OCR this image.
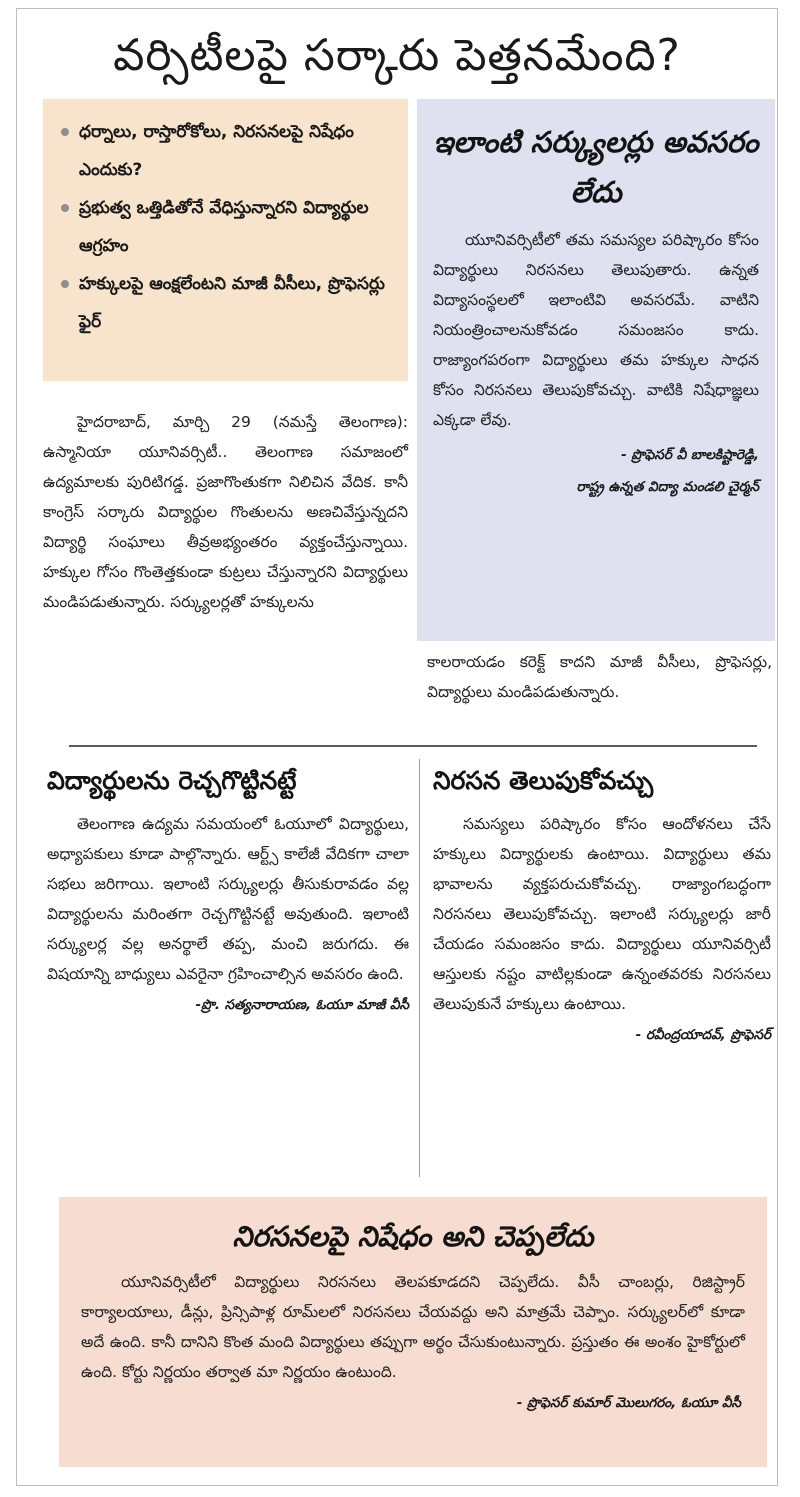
వర్సిటీలపై సర్కారు పెత్తనమేంది?
ధర్నాలు, రాస్తారోకోలు, నిరసనలపై నిషేధం ఎందుకు?
ప్రభుత్వ ఒత్తిడితోనే వేధిస్తున్నారని విద్యార్థుల ఆగ్రహం
హక్కులపై ఆంక్షలేంటని మాజీ వీసీలు, ప్రొఫెసర్లు ఫైర్

హైదరాబాద్, మార్చి 29 (నమస్తే తెలంగాణ): ఉస్మానియా యూనివర్సిటీ.. తెలంగాణ సమాజంలో ఉద్యమాలకు పురిటిగడ్డ. ప్రజాగొంతుకగా నిలిచిన వేదిక. కానీ కాంగ్రెస్ సర్కారు విద్యార్థుల గొంతులను అణచివేస్తున్నదని విద్యార్థి సంఘాలు తీవ్రఅభ్యంతరం వ్యక్తంచేస్తున్నాయి. హక్కుల గోసం గొంతెత్తకుండా కుట్రలు చేస్తున్నారని విద్యార్థులు మండిపడుతున్నారు. సర్క్యులర్లతో హక్కులను

ఇలాంటి సర్క్యులర్లు అవసరం లేదు

యూనివర్సిటీలో తమ సమస్యల పరిష్కారం కోసం విద్యార్థులు నిరసనలు తెలుపుతారు. ఉన్నత విద్యాసంస్థలలో ఇలాంటివి అవసరమే. వాటిని నియంత్రించాలనుకోవడం సమంజసం కాదు. రాజ్యాంగపరంగా విద్యార్థులు తమ హక్కుల సాధన కోసం నిరసనలు తెలుపుకోవచ్చు. వాటికి నిషేధాజ్ఞలు ఎక్కడా లేవు.

- ప్రొఫెసర్ వీ బాలకిష్టారెడ్డి,
రాష్ట్ర ఉన్నత విద్యా మండలి చైర్మన్

కాలరాయడం కరెక్ట్ కాదని మాజీ వీసీలు, ప్రొఫెసర్లు, విద్యార్థులు మండిపడుతున్నారు.

విద్యార్థులను రెచ్చగొట్టినట్టే

తెలంగాణ ఉద్యమ సమయంలో ఓయూలో విద్యార్థులు, అధ్యాపకులు కూడా పాల్గొన్నారు. ఆర్ట్స్ కాలేజీ వేదికగా చాలా సభలు జరిగాయి. ఇలాంటి సర్క్యులర్లు తీసుకురావడం వల్ల విద్యార్థులను మరింతగా రెచ్చగొట్టినట్టే అవుతుంది. ఇలాంటి సర్క్యులర్ల వల్ల అనర్థాలే తప్ప, మంచి జరుగదు. ఈ విషయాన్ని బాధ్యులు ఎవరైనా గ్రహించాల్సిన అవసరం ఉంది.

-ప్రొ. సత్యనారాయణ, ఓయూ మాజీ వీసీ
నిరసన తెలుపుకోవచ్చు

సమస్యలు పరిష్కారం కోసం ఆందోళనలు చేసే హక్కులు విద్యార్థులకు ఉంటాయి. విద్యార్థులు తమ భావాలను వ్యక్తపరుచుకోవచ్చు. రాజ్యాంగబద్ధంగా నిరసనలు తెలుపుకోవచ్చు. ఇలాంటి సర్క్యులర్లు జారీ చేయడం సమంజసం కాదు. విద్యార్థులు యూనివర్సిటీ ఆస్తులకు నష్టం వాటిల్లకుండా ఉన్నంతవరకు నిరసనలు తెలుపుకునే హక్కులు ఉంటాయి.

- రవీంద్రయాదవ్, ప్రొఫెసర్
నిరసనలపై నిషేధం అని చెప్పలేదు

యూనివర్సిటీలో విద్యార్థులు నిరసనలు తెలపకూడదని చెప్పలేదు. వీసీ చాంబర్లు, రిజిస్ట్రార్ కార్యాలయాలు, డీన్లు, ప్రిన్సిపాళ్ల రూమ్‌లలో నిరసనలు చేయవద్దు అని మాత్రమే చెప్పాం. సర్క్యులర్‌లో కూడా అదే ఉంది. కానీ దానిని కొంత మంది విద్యార్థులు తప్పుగా అర్థం చేసుకుంటున్నారు. ప్రస్తుతం ఈ అంశం హైకోర్టులో ఉంది. కోర్టు నిర్ణయం తర్వాత మా నిర్ణయం ఉంటుంది.

- ప్రొఫెసర్ కుమార్ మొలుగరం, ఓయూ వీసీ
